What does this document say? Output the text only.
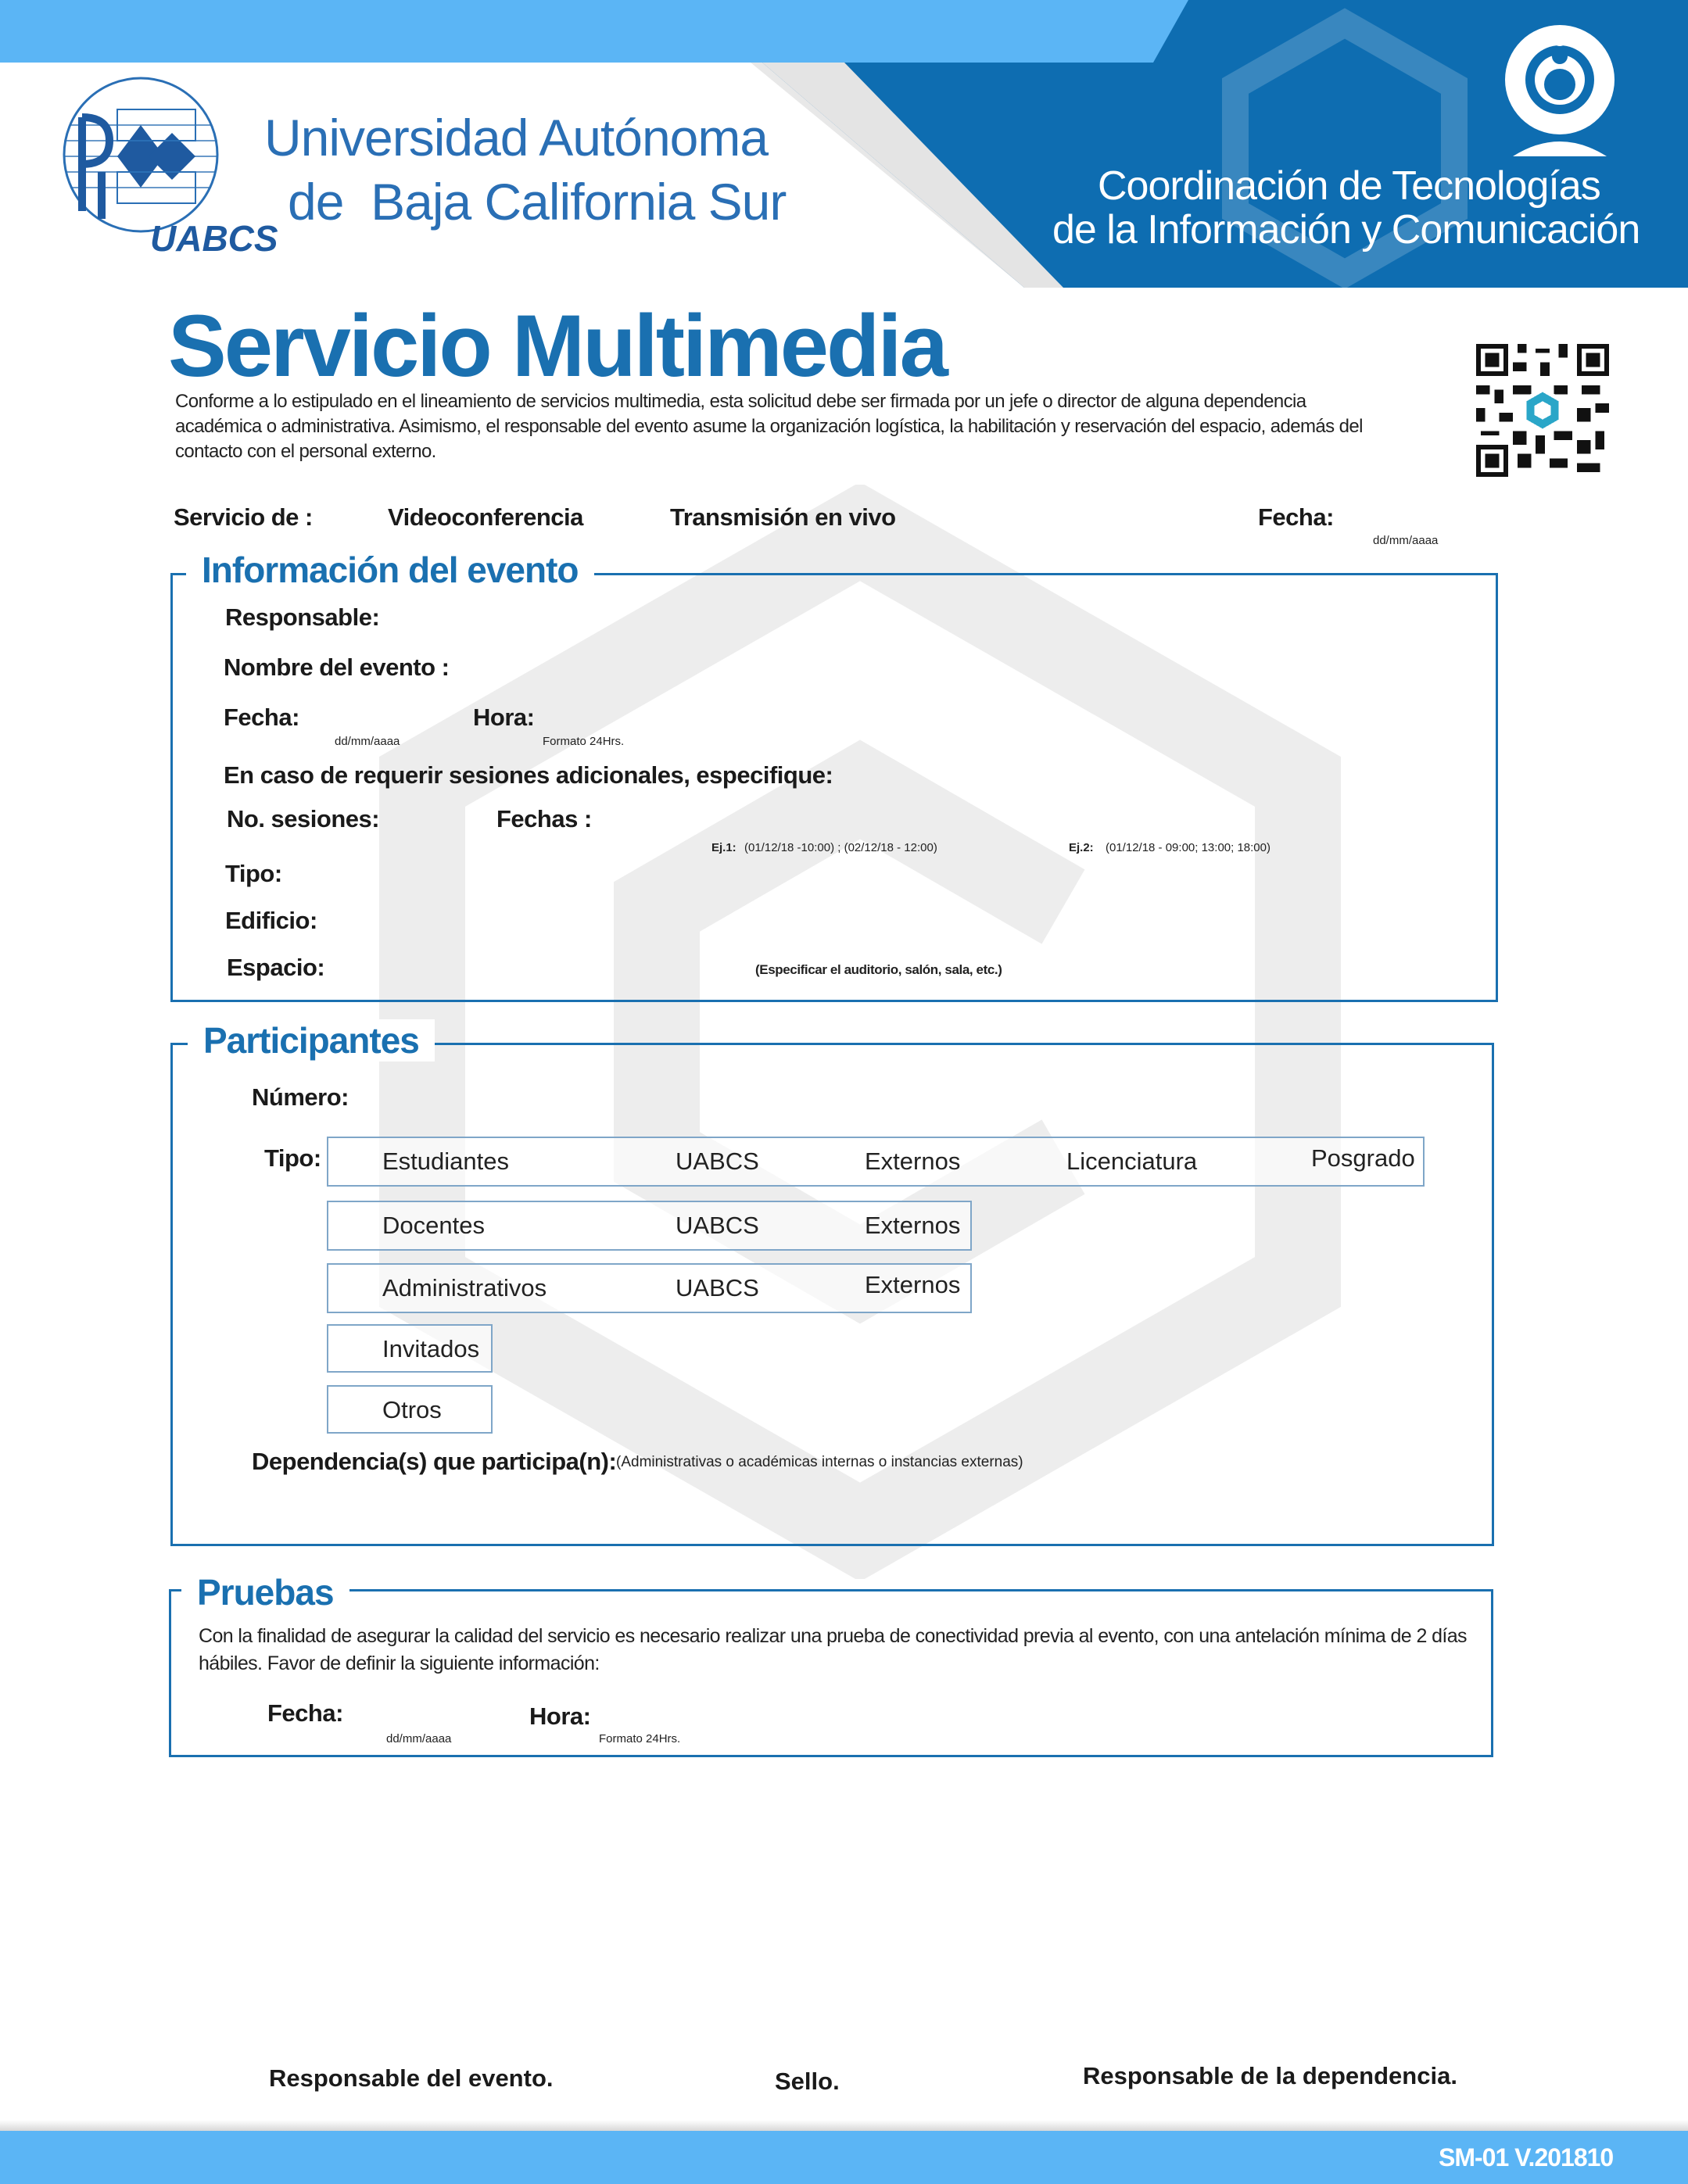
UABCS
Universidad Autónoma
de  Baja California Sur	Coordinación de Tecnologías
de la Información y Comunicación
Servicio Multimedia
Conforme a lo estipulado en el lineamiento de servicios multimedia, esta solicitud debe ser firmada por un jefe o director de alguna dependencia académica o administrativa. Asimismo, el responsable del evento asume la organización logística, la habilitación y reservación del espacio, además del contacto con el personal externo.
Servicio de :	Videoconferencia	Transmisión en vivo	Fecha:
dd/mm/aaaa
Información del evento
Responsable:
Nombre del evento :
Fecha:
dd/mm/aaaa
Hora:
Formato 24Hrs.
En caso de requerir sesiones adicionales, especifique:
No. sesiones:	Fechas :
Ej.1: (01/12/18 -10:00) ; (02/12/18 - 12:00)	Ej.2: (01/12/18 - 09:00; 13:00; 18:00)
Tipo:
Edificio:
Espacio:	(Especificar el auditorio, salón, sala, etc.)
Participantes
Número:
Tipo:	Estudiantes	UABCS	Externos	Licenciatura	Posgrado
Docentes	UABCS	Externos
Administrativos	UABCS	Externos
Invitados
Otros
Dependencia(s) que participa(n): (Administrativas o académicas internas o instancias externas)
Pruebas
Con la finalidad de asegurar la calidad del servicio es necesario realizar una prueba de conectividad previa al evento, con una antelación mínima de 2 días hábiles. Favor de definir la siguiente información:
Fecha:
dd/mm/aaaa
Hora:
Formato 24Hrs.
Responsable del evento.	Sello.	Responsable de la dependencia.
SM-01 V.201810
